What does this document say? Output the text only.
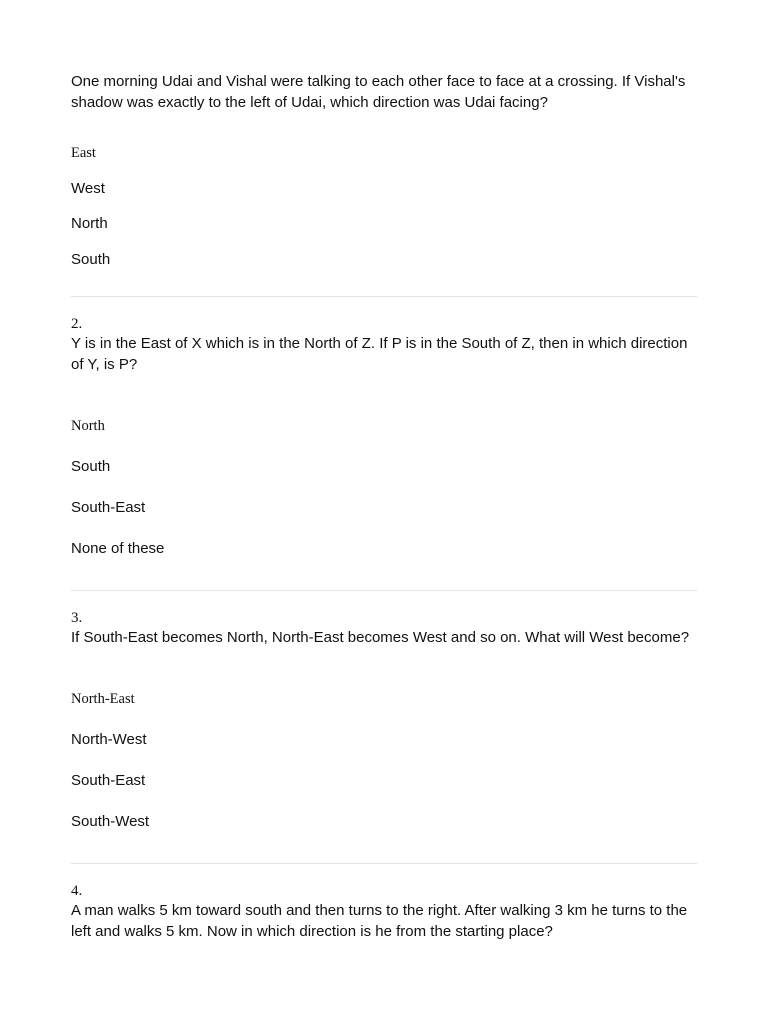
One morning Udai and Vishal were talking to each other face to face at a crossing. If Vishal's shadow was exactly to the left of Udai, which direction was Udai facing?
East
West
North
South
2.
Y is in the East of X which is in the North of Z. If P is in the South of Z, then in which direction of Y, is P?
North
South
South-East
None of these
3.
If South-East becomes North, North-East becomes West and so on. What will West become?
North-East
North-West
South-East
South-West
4.
A man walks 5 km toward south and then turns to the right. After walking 3 km he turns to the left and walks 5 km. Now in which direction is he from the starting place?
